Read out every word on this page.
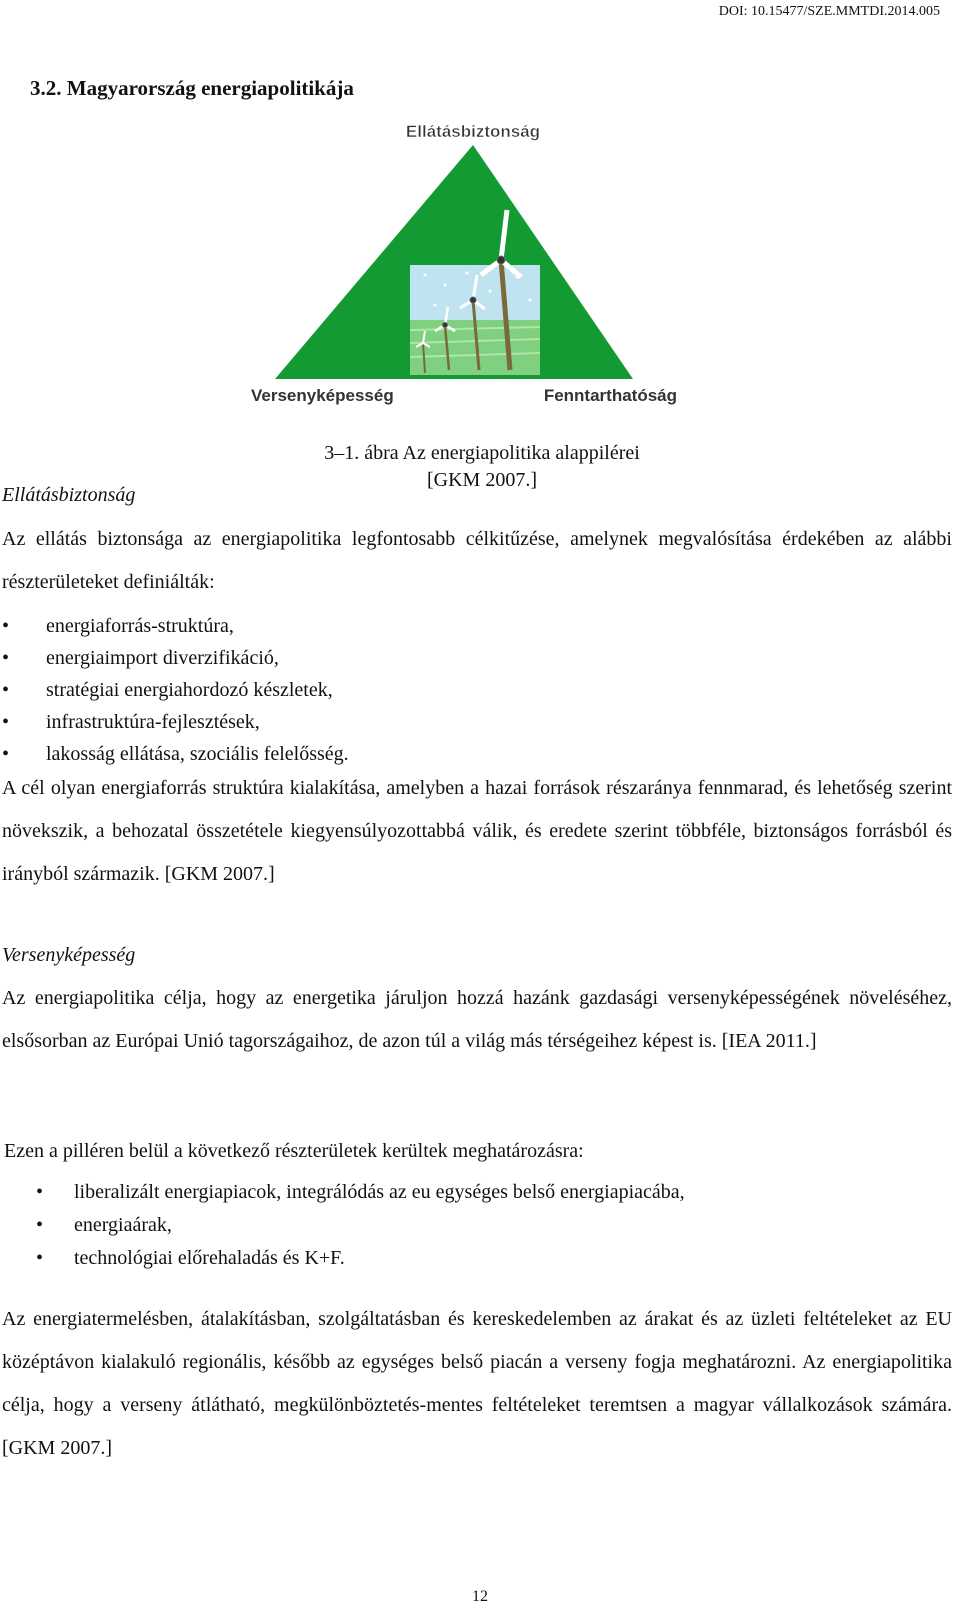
DOI: 10.15477/SZE.MMTDI.2014.005
3.2. Magyarország energiapolitikája
Ellátásbiztonság
Versenyképesség	Fenntarthatóság
3–1. ábra Az energiapolitika alappilérei
[GKM 2007.]
Ellátásbiztonság

Az ellátás biztonsága az energiapolitika legfontosabb célkitűzése, amelynek megvalósítása érdekében az alábbi részterületeket definiálták:

• energiaforrás-struktúra,
• energiaimport diverzifikáció,
• stratégiai energiahordozó készletek,
• infrastruktúra-fejlesztések,
• lakosság ellátása, szociális felelősség.

A cél olyan energiaforrás struktúra kialakítása, amelyben a hazai források részaránya fennmarad, és lehetőség szerint növekszik, a behozatal összetétele kiegyensúlyozottabbá válik, és eredete szerint többféle, biztonságos forrásból és irányból származik. [GKM 2007.]

Versenyképesség

Az energiapolitika célja, hogy az energetika járuljon hozzá hazánk gazdasági versenyképességének növeléséhez, elsősorban az Európai Unió tagországaihoz, de azon túl a világ más térségeihez képest is. [IEA 2011.]

Ezen a pilléren belül a következő részterületek kerültek meghatározásra:

• liberalizált energiapiacok, integrálódás az eu egységes belső energiapiacába,
• energiaárak,
• technológiai előrehaladás és K+F.

Az energiatermelésben, átalakításban, szolgáltatásban és kereskedelemben az árakat és az üzleti feltételeket az EU középtávon kialakuló regionális, később az egységes belső piacán a verseny fogja meghatározni. Az energiapolitika célja, hogy a verseny átlátható, megkülönböztetés-mentes feltételeket teremtsen a magyar vállalkozások számára. [GKM 2007.]

12
